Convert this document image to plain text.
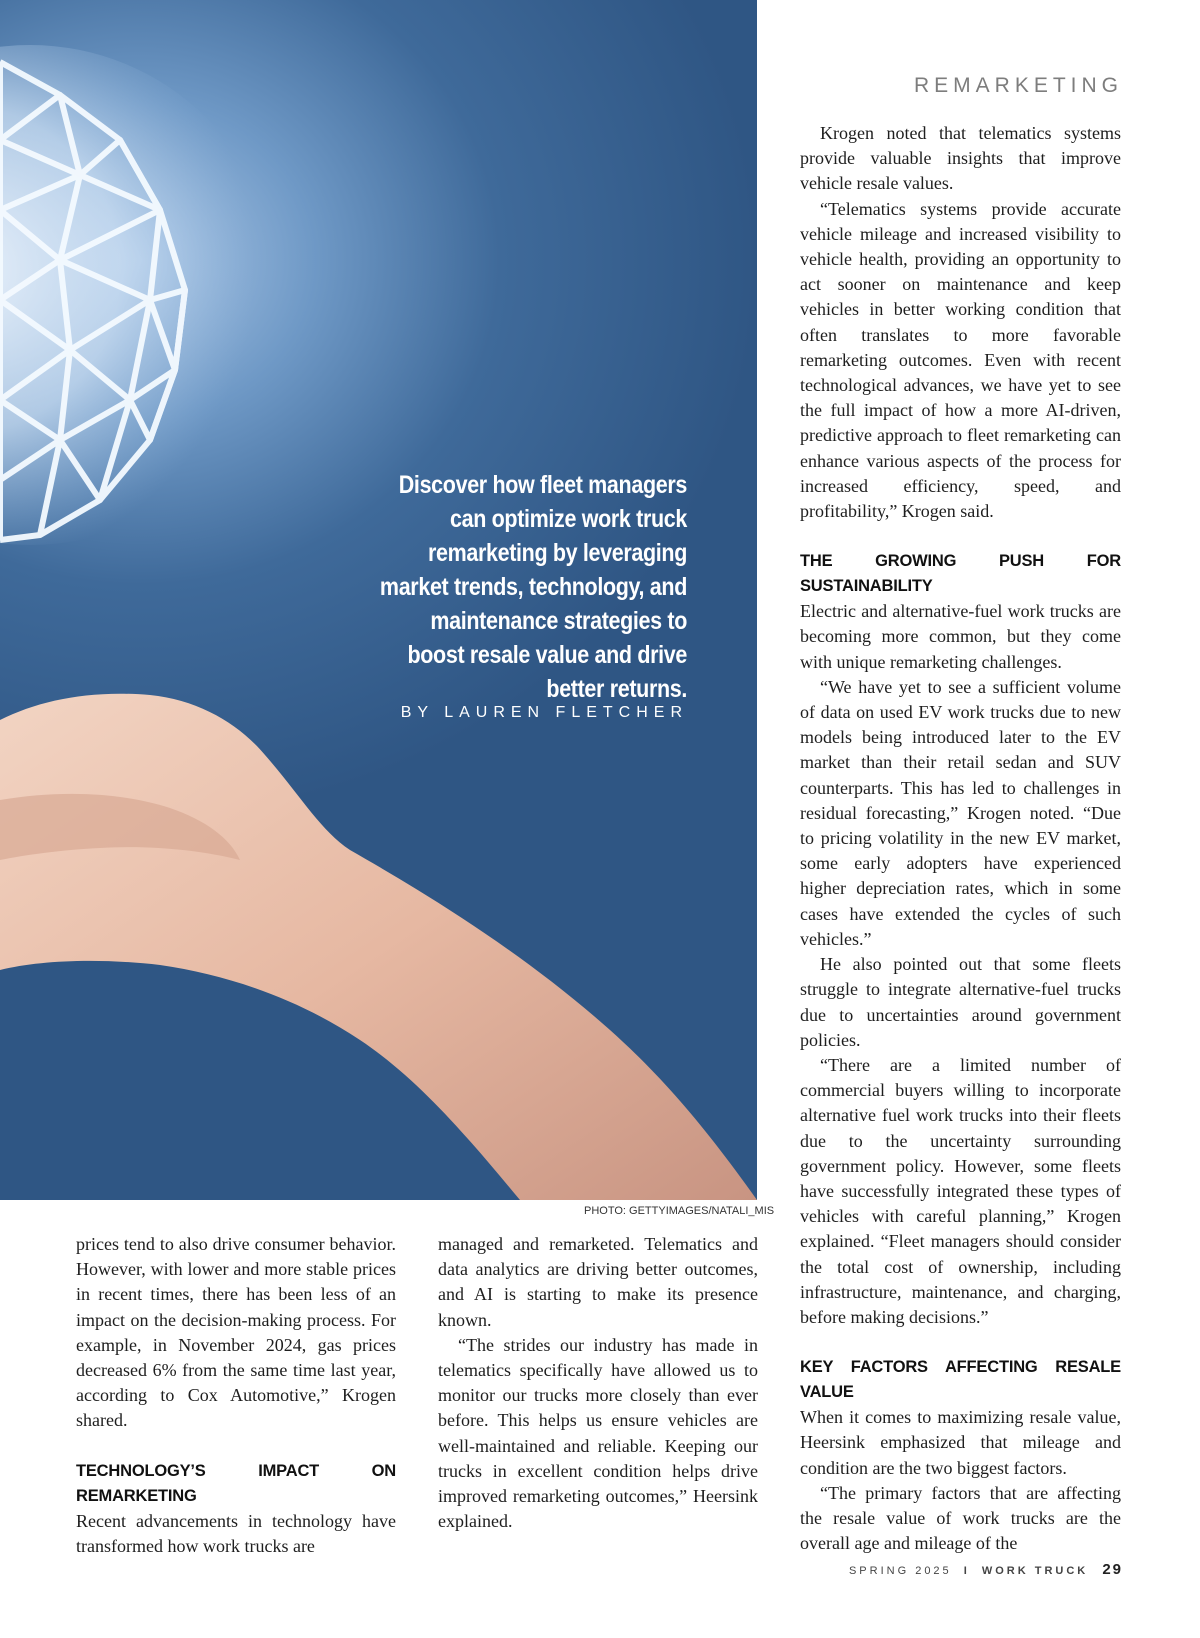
Discover how fleet managers can optimize work truck remarketing by leveraging market trends, technology, and maintenance strategies to boost resale value and drive better returns.
BY LAUREN FLETCHER
PHOTO: GETTYIMAGES/NATALI_MIS
REMARKETING

prices tend to also drive consumer behavior. However, with lower and more stable prices in recent times, there has been less of an impact on the decision-making process. For example, in November 2024, gas prices decreased 6% from the same time last year, according to Cox Automotive,” Krogen shared.

TECHNOLOGY’S IMPACT ON REMARKETING

Recent advancements in technology have transformed how work trucks are

managed and remarketed. Telematics and data analytics are driving better outcomes, and AI is starting to make its presence known.

“The strides our industry has made in telematics specifically have allowed us to monitor our trucks more closely than ever before. This helps us ensure vehicles are well-maintained and reliable. Keeping our trucks in excellent condition helps drive improved remarketing outcomes,” Heersink explained.

Krogen noted that telematics systems provide valuable insights that improve vehicle resale values.

“Telematics systems provide accurate vehicle mileage and increased visibility to vehicle health, providing an opportunity to act sooner on maintenance and keep vehicles in better working condition that often translates to more favorable remarketing outcomes. Even with recent technological advances, we have yet to see the full impact of how a more AI-driven, predictive approach to fleet remarketing can enhance various aspects of the process for increased efficiency, speed, and profitability,” Krogen said.

THE GROWING PUSH FOR SUSTAINABILITY

Electric and alternative-fuel work trucks are becoming more common, but they come with unique remarketing challenges.

“We have yet to see a sufficient volume of data on used EV work trucks due to new models being introduced later to the EV market than their retail sedan and SUV counterparts. This has led to challenges in residual forecasting,” Krogen noted. “Due to pricing volatility in the new EV market, some early adopters have experienced higher depreciation rates, which in some cases have extended the cycles of such vehicles.”

He also pointed out that some fleets struggle to integrate alternative-fuel trucks due to uncertainties around government policies.

“There are a limited number of commercial buyers willing to incorporate alternative fuel work trucks into their fleets due to the uncertainty surrounding government policy. However, some fleets have successfully integrated these types of vehicles with careful planning,” Krogen explained. “Fleet managers should consider the total cost of ownership, including infrastructure, maintenance, and charging, before making decisions.”

KEY FACTORS AFFECTING RESALE VALUE

When it comes to maximizing resale value, Heersink emphasized that mileage and condition are the two biggest factors.

“The primary factors that are affecting the resale value of work trucks are the overall age and mileage of the

SPRING 2025 I WORK TRUCK 29
